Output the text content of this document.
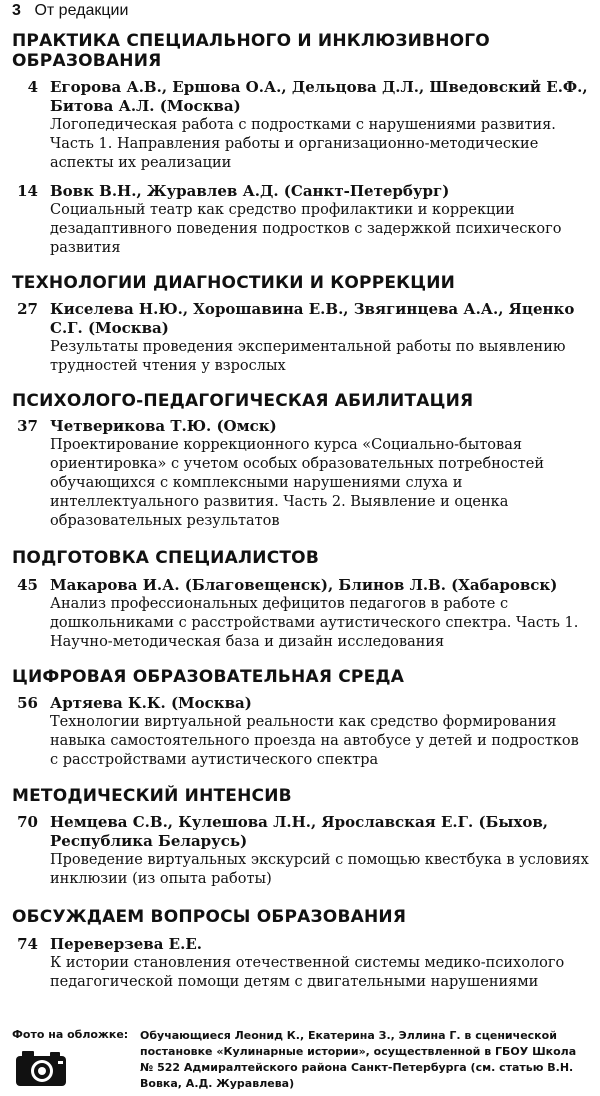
3 От редакции
ПРАКТИКА СПЕЦИАЛЬНОГО И ИНКЛЮЗИВНОГО ОБРАЗОВАНИЯ
4 Егорова А.В., Ершова О.А., Дельцова Д.Л., Шведовский Е.Ф., Битова А.Л. (Москва)
Логопедическая работа с подростками с нарушениями развития. Часть 1. Направления работы и организационно-методические аспекты их реализации
14 Вовк В.Н., Журавлев А.Д. (Санкт-Петербург)
Социальный театр как средство профилактики и коррекции дезадаптивного поведения подростков с задержкой психического развития
ТЕХНОЛОГИИ ДИАГНОСТИКИ И КОРРЕКЦИИ
27 Киселева Н.Ю., Хорошавина Е.В., Звягинцева А.А., Яценко С.Г. (Москва)
Результаты проведения экспериментальной работы по выявлению трудностей чтения у взрослых
ПСИХОЛОГО-ПЕДАГОГИЧЕСКАЯ АБИЛИТАЦИЯ
37 Четверикова Т.Ю. (Омск)
Проектирование коррекционного курса «Социально-бытовая ориентировка» с учетом особых образовательных потребностей обучающихся с комплексными нарушениями слуха и интеллектуального развития. Часть 2. Выявление и оценка образовательных результатов
ПОДГОТОВКА СПЕЦИАЛИСТОВ
45 Макарова И.А. (Благовещенск), Блинов Л.В. (Хабаровск)
Анализ профессиональных дефицитов педагогов в работе с дошкольниками с расстройствами аутистического спектра. Часть 1. Научно-методическая база и дизайн исследования
ЦИФРОВАЯ ОБРАЗОВАТЕЛЬНАЯ СРЕДА
56 Артяева К.К. (Москва)
Технологии виртуальной реальности как средство формирования навыка самостоятельного проезда на автобусе у детей и подростков с расстройствами аутистического спектра
МЕТОДИЧЕСКИЙ ИНТЕНСИВ
70 Немцева С.В., Кулешова Л.Н., Ярославская Е.Г. (Быхов, Республика Беларусь)
Проведение виртуальных экскурсий с помощью квестбука в условиях инклюзии (из опыта работы)
ОБСУЖДАЕМ ВОПРОСЫ ОБРАЗОВАНИЯ
74 Переверзева Е.Е.
К истории становления отечественной системы медико-психолого педагогической помощи детям с двигательными нарушениями
Фото на обложке: Обучающиеся Леонид К., Екатерина З., Эллина Г. в сценической постановке «Кулинарные истории», осуществленной в ГБОУ Школа № 522 Адмиралтейского района Санкт-Петербурга (см. статью В.Н. Вовка, А.Д. Журавлева)
